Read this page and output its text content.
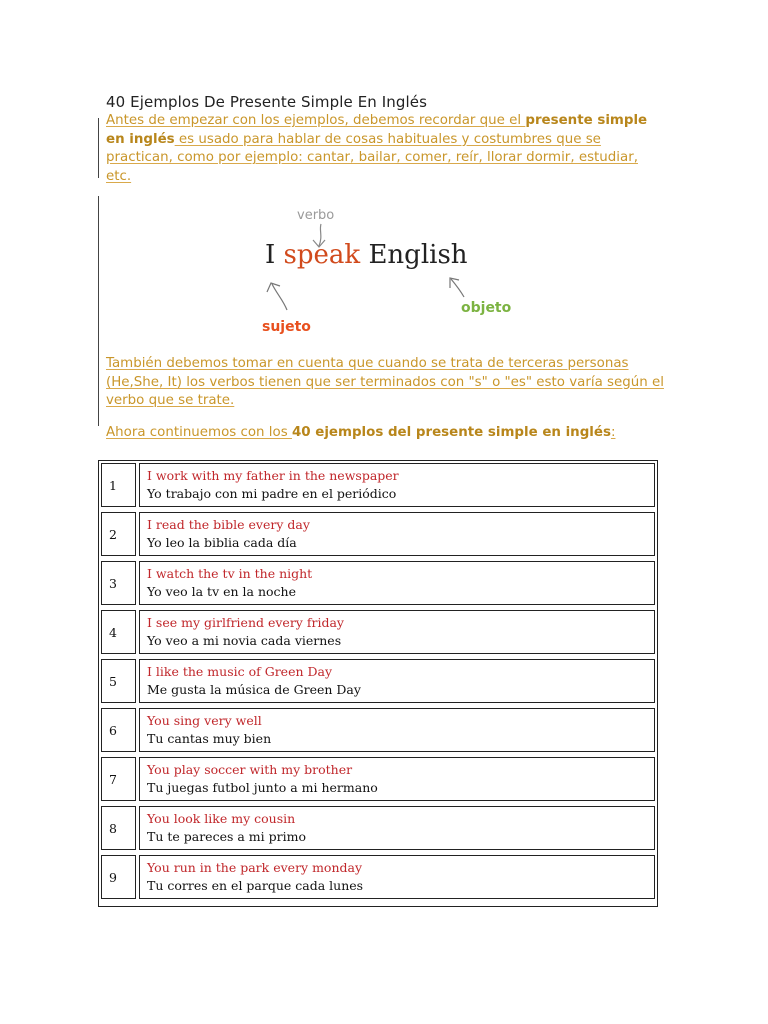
40 Ejemplos De Presente Simple En Inglés
Antes de empezar con los ejemplos, debemos recordar que el presente simple en inglés es usado para hablar de cosas habituales y costumbres que se practican, como por ejemplo: cantar, bailar, comer, reír, llorar dormir, estudiar, etc.
verbo
I speak English
sujeto
objeto
También debemos tomar en cuenta que cuando se trata de terceras personas (He,She, It) los verbos tienen que ser terminados con "s" o "es" esto varía según el verbo que se trate.
Ahora continuemos con los 40 ejemplos del presente simple en inglés:
1
I work with my father in the newspaper
Yo trabajo con mi padre en el periódico
2
I read the bible every day
Yo leo la biblia cada día
3
I watch the tv in the night
Yo veo la tv en la noche
4
I see my girlfriend every friday
Yo veo a mi novia cada viernes
5
I like the music of Green Day
Me gusta la música de Green Day
6
You sing very well
Tu cantas muy bien
7
You play soccer with my brother
Tu juegas futbol junto a mi hermano
8
You look like my cousin
Tu te pareces a mi primo
9
You run in the park every monday
Tu corres en el parque cada lunes
